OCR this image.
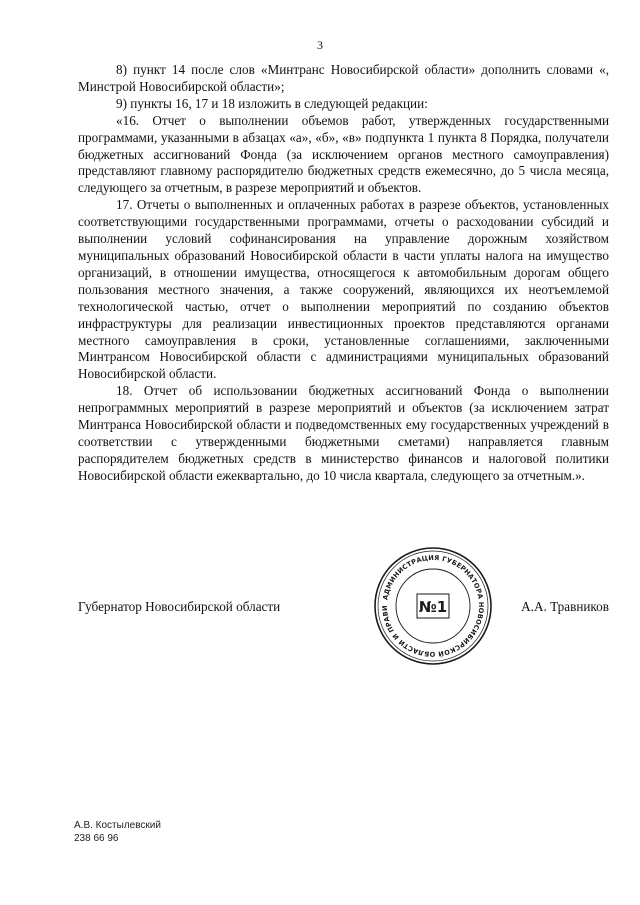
3

8) пункт 14 после слов «Минтранс Новосибирской области» дополнить словами «, Минстрой Новосибирской области»;

9) пункты 16, 17 и 18 изложить в следующей редакции:

«16. Отчет о выполнении объемов работ, утвержденных государственными программами, указанными в абзацах «а», «б», «в» подпункта 1 пункта 8 Порядка, получатели бюджетных ассигнований Фонда (за исключением органов местного самоуправления) представляют главному распорядителю бюджетных средств ежемесячно, до 5 числа месяца, следующего за отчетным, в разрезе мероприятий и объектов.

17. Отчеты о выполненных и оплаченных работах в разрезе объектов, установленных соответствующими государственными программами, отчеты о расходовании субсидий и выполнении условий софинансирования на управление дорожным хозяйством муниципальных образований Новосибирской области в части уплаты налога на имущество организаций, в отношении имущества, относящегося к автомобильным дорогам общего пользования местного значения, а также сооружений, являющихся их неотъемлемой технологической частью, отчет о выполнении мероприятий по созданию объектов инфраструктуры для реализации инвестиционных проектов представляются органами местного самоуправления в сроки, установленные соглашениями, заключенными Минтрансом Новосибирской области с администрациями муниципальных образований Новосибирской области.

18. Отчет об использовании бюджетных ассигнований Фонда о выполнении непрограммных мероприятий в разрезе мероприятий и объектов (за исключением затрат Минтранса Новосибирской области и подведомственных ему государственных учреждений в соответствии с утвержденными бюджетными сметами) направляется главным распорядителем бюджетных средств в министерство финансов и налоговой политики Новосибирской области ежеквартально, до 10 числа квартала, следующего за отчетным.».

Губернатор Новосибирской области	А.А. Травников
АДМИНИСТРАЦИЯ ГУБЕРНАТОРА НОВОСИБИРСКОЙ ОБЛАСТИ И ПРАВИ	№1
А.В. Костылевский
238 66 96
